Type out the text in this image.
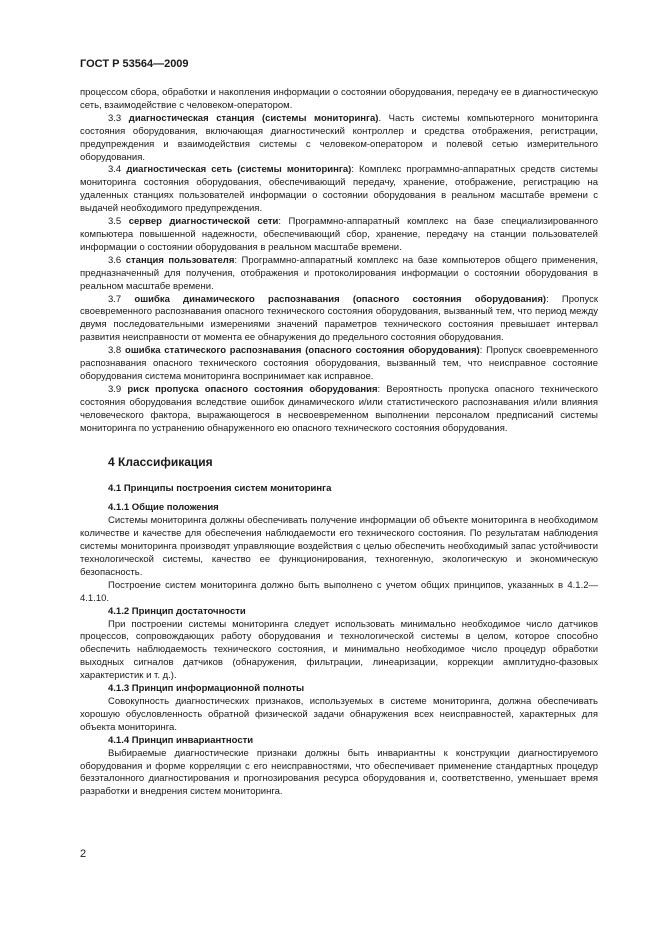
ГОСТ Р 53564—2009

процессом сбора, обработки и накопления информации о состоянии оборудования, передачу ее в диагностическую сеть, взаимодействие с человеком-оператором.

3.3 диагностическая станция (системы мониторинга). Часть системы компьютерного мониторинга состояния оборудования, включающая диагностический контроллер и средства отображения, регистрации, предупреждения и взаимодействия системы с человеком-оператором и полевой сетью измерительного оборудования.

3.4 диагностическая сеть (системы мониторинга): Комплекс программно-аппаратных средств системы мониторинга состояния оборудования, обеспечивающий передачу, хранение, отображение, регистрацию на удаленных станциях пользователей информации о состоянии оборудования в реальном масштабе времени с выдачей необходимого предупреждения.

3.5 сервер диагностической сети: Программно-аппаратный комплекс на базе специализированного компьютера повышенной надежности, обеспечивающий сбор, хранение, передачу на станции пользователей информации о состоянии оборудования в реальном масштабе времени.

3.6 станция пользователя: Программно-аппаратный комплекс на базе компьютеров общего применения, предназначенный для получения, отображения и протоколирования информации о состоянии оборудования в реальном масштабе времени.

3.7 ошибка динамического распознавания (опасного состояния оборудования): Пропуск своевременного распознавания опасного технического состояния оборудования, вызванный тем, что период между двумя последовательными измерениями значений параметров технического состояния превышает интервал развития неисправности от момента ее обнаружения до предельного состояния оборудования.

3.8 ошибка статического распознавания (опасного состояния оборудования): Пропуск своевременного распознавания опасного технического состояния оборудования, вызванный тем, что неисправное состояние оборудования система мониторинга воспринимает как исправное.

3.9 риск пропуска опасного состояния оборудования: Вероятность пропуска опасного технического состояния оборудования вследствие ошибок динамического и/или статистического распознавания и/или влияния человеческого фактора, выражающегося в несвоевременном выполнении персоналом предписаний системы мониторинга по устранению обнаруженного ею опасного технического состояния оборудования.

4 Классификация
4.1 Принципы построения систем мониторинга
4.1.1 Общие положения

Системы мониторинга должны обеспечивать получение информации об объекте мониторинга в необходимом количестве и качестве для обеспечения наблюдаемости его технического состояния. По результатам наблюдения системы мониторинга производят управляющие воздействия с целью обеспечить необходимый запас устойчивости технологической системы, качество ее функционирования, техногенную, экологическую и экономическую безопасность.

Построение систем мониторинга должно быть выполнено с учетом общих принципов, указанных в 4.1.2—4.1.10.

4.1.2 Принцип достаточности

При построении системы мониторинга следует использовать минимально необходимое число датчиков процессов, сопровождающих работу оборудования и технологической системы в целом, которое способно обеспечить наблюдаемость технического состояния, и минимально необходимое число процедур обработки выходных сигналов датчиков (обнаружения, фильтрации, линеаризации, коррекции амплитудно-фазовых характеристик и т. д.).

4.1.3 Принцип информационной полноты

Совокупность диагностических признаков, используемых в системе мониторинга, должна обеспечивать хорошую обусловленность обратной физической задачи обнаружения всех неисправностей, характерных для объекта мониторинга.

4.1.4 Принцип инвариантности

Выбираемые диагностические признаки должны быть инвариантны к конструкции диагностируемого оборудования и форме корреляции с его неисправностями, что обеспечивает применение стандартных процедур безэталонного диагностирования и прогнозирования ресурса оборудования и, соответственно, уменьшает время разработки и внедрения систем мониторинга.

2
